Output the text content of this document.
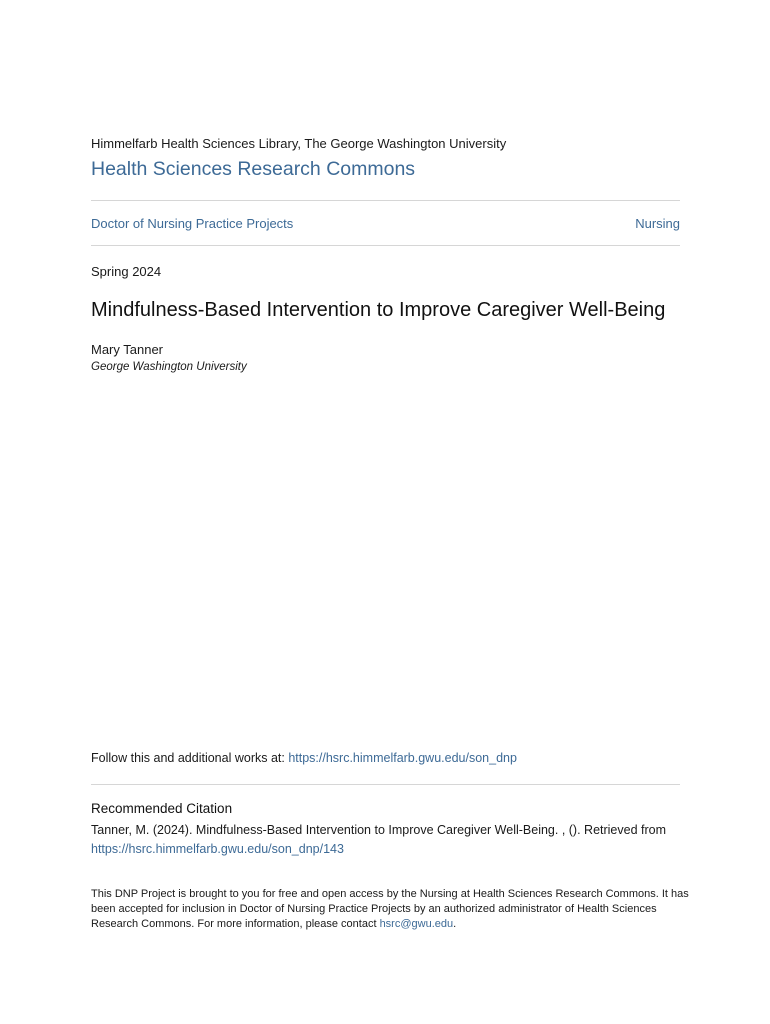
Himmelfarb Health Sciences Library, The George Washington University
Health Sciences Research Commons
Doctor of Nursing Practice Projects	Nursing
Spring 2024
Mindfulness-Based Intervention to Improve Caregiver Well-Being
Mary Tanner
George Washington University
Follow this and additional works at: https://hsrc.himmelfarb.gwu.edu/son_dnp
Recommended Citation
Tanner, M. (2024). Mindfulness-Based Intervention to Improve Caregiver Well-Being. , (). Retrieved from https://hsrc.himmelfarb.gwu.edu/son_dnp/143
This DNP Project is brought to you for free and open access by the Nursing at Health Sciences Research Commons. It has been accepted for inclusion in Doctor of Nursing Practice Projects by an authorized administrator of Health Sciences Research Commons. For more information, please contact hsrc@gwu.edu.
